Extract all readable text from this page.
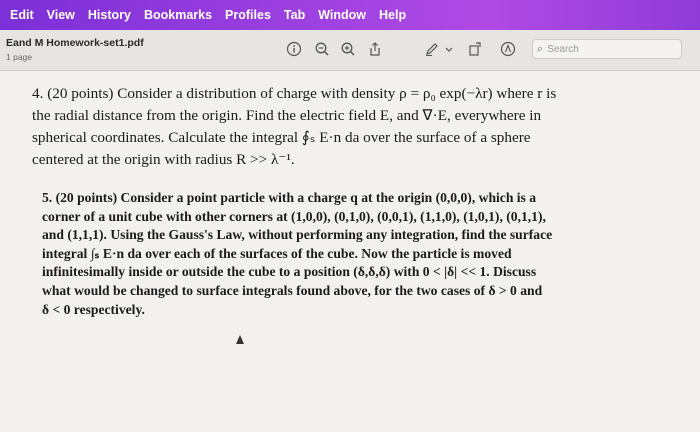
Edit View History Bookmarks Profiles Tab Window Help
Eand M Homework-set1.pdf
1 page
⌕ Search
4. (20 points) Consider a distribution of charge with density ρ = ρ₀ exp(−λr) where r is
the radial distance from the origin. Find the electric field E, and ∇·E, everywhere in
spherical coordinates. Calculate the integral ∮ₛ E·n da over the surface of a sphere
centered at the origin with radius R >> λ⁻¹.
5. (20 points) Consider a point particle with a charge q at the origin (0,0,0), which is a
corner of a unit cube with other corners at (1,0,0), (0,1,0), (0,0,1), (1,1,0), (1,0,1), (0,1,1),
and (1,1,1). Using the Gauss's Law, without performing any integration, find the surface
integral ∫ₛ E·n da over each of the surfaces of the cube. Now the particle is moved
infinitesimally inside or outside the cube to a position (δ,δ,δ) with 0 < |δ| << 1. Discuss
what would be changed to surface integrals found above, for the two cases of δ > 0 and
δ < 0 respectively.
